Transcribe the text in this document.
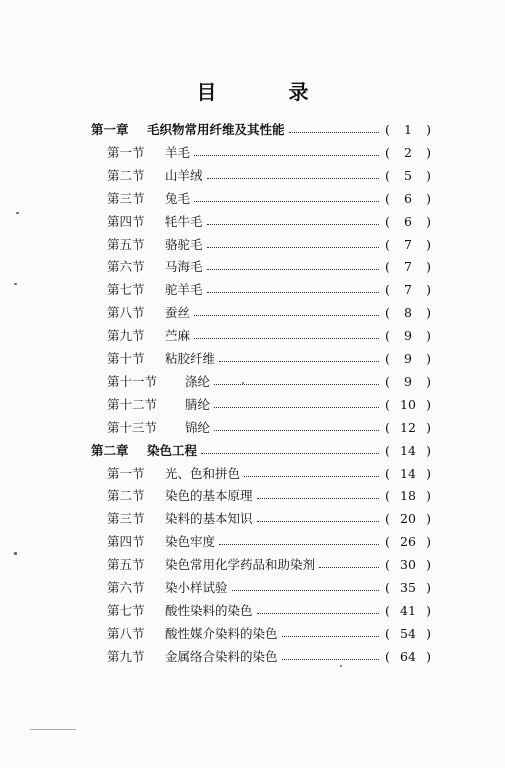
目　录
第一章	毛织物常用纤维及其性能	(	1	)
第一节	羊毛	(	2	)
第二节	山羊绒	(	5	)
第三节	兔毛	(	6	)
第四节	牦牛毛	(	6	)
第五节	骆驼毛	(	7	)
第六节	马海毛	(	7	)
第七节	驼羊毛	(	7	)
第八节	蚕丝	(	8	)
第九节	苎麻	(	9	)
第十节	粘胶纤维	(	9	)
第十一节	涤纶	(	9	)
第十二节	腈纶	( 10 )
第十三节	锦纶	( 12 )
第二章	染色工程	( 14 )
第一节	光、色和拼色	( 14 )
第二节	染色的基本原理	( 18 )
第三节	染料的基本知识	( 20 )
第四节	染色牢度	( 26 )
第五节	染色常用化学药品和助染剂	( 30 )
第六节	染小样试验	( 35 )
第七节	酸性染料的染色	( 41 )
第八节	酸性媒介染料的染色	( 54 )
第九节	金属络合染料的染色	( 64 )
